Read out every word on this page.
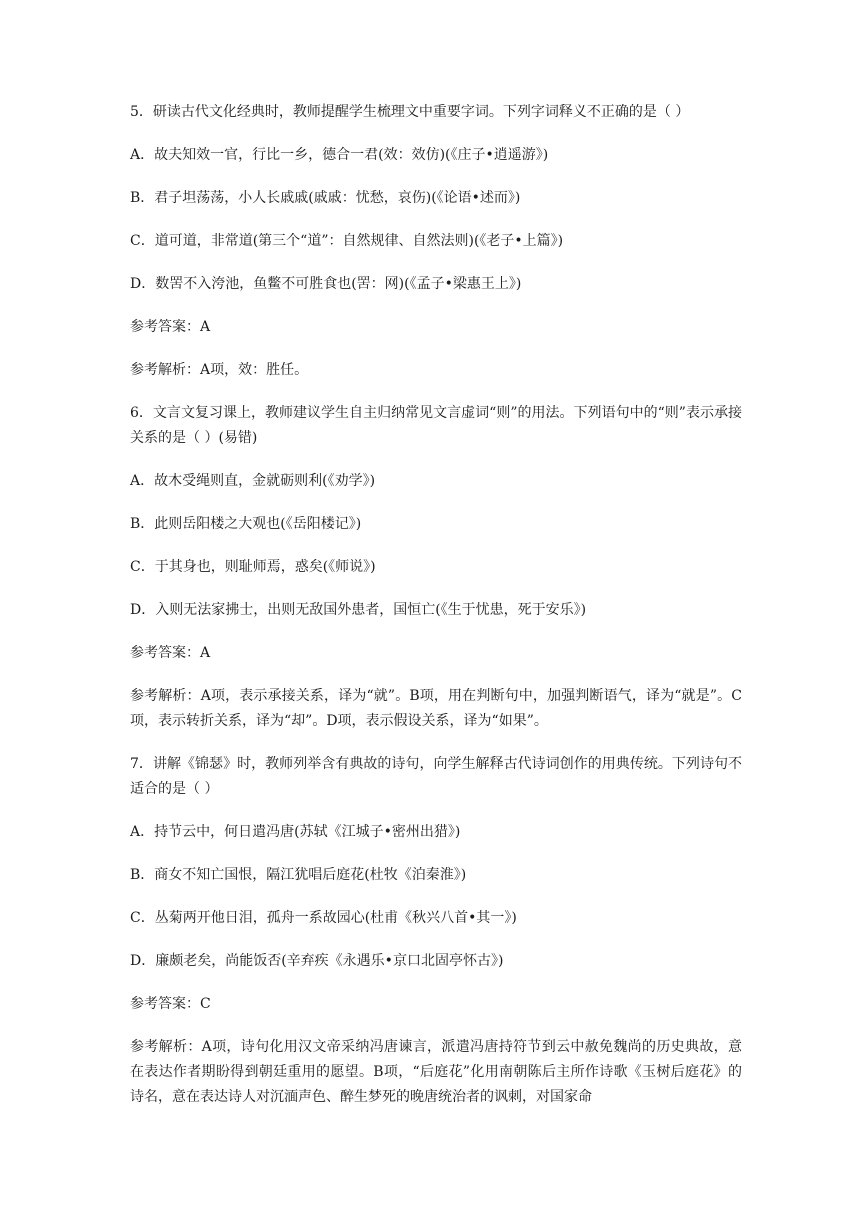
5．研读古代文化经典时，教师提醒学生梳理文中重要字词。下列字词释义不正确的是（ ）

A．故夫知效一官，行比一乡，德合一君(效：效仿)(《庄子•逍遥游》)

B．君子坦荡荡，小人长戚戚(戚戚：忧愁，哀伤)(《论语•述而》)

C．道可道，非常道(第三个“道”：自然规律、自然法则)(《老子•上篇》)

D．数罟不入洿池，鱼鳖不可胜食也(罟：网)(《孟子•梁惠王上》)

参考答案：A

参考解析：A项，效：胜任。

6．文言文复习课上，教师建议学生自主归纳常见文言虚词“则”的用法。下列语句中的“则”表示承接关系的是（ ）(易错)

A．故木受绳则直，金就砺则利(《劝学》)

B．此则岳阳楼之大观也(《岳阳楼记》)

C．于其身也，则耻师焉，惑矣(《师说》)

D．入则无法家拂士，出则无敌国外患者，国恒亡(《生于忧患，死于安乐》)

参考答案：A

参考解析：A项，表示承接关系，译为“就”。B项，用在判断句中，加强判断语气，译为“就是”。C项，表示转折关系，译为“却”。D项，表示假设关系，译为“如果”。

7．讲解《锦瑟》时，教师列举含有典故的诗句，向学生解释古代诗词创作的用典传统。下列诗句不适合的是（ ）

A．持节云中，何日遣冯唐(苏轼《江城子•密州出猎》)

B．商女不知亡国恨，隔江犹唱后庭花(杜牧《泊秦淮》)

C．丛菊两开他日泪，孤舟一系故园心(杜甫《秋兴八首•其一》)

D．廉颇老矣，尚能饭否(辛弃疾《永遇乐•京口北固亭怀古》)

参考答案：C

参考解析：A项，诗句化用汉文帝采纳冯唐谏言，派遣冯唐持符节到云中赦免魏尚的历史典故，意在表达作者期盼得到朝廷重用的愿望。B项，“后庭花”化用南朝陈后主所作诗歌《玉树后庭花》的诗名，意在表达诗人对沉湎声色、醉生梦死的晚唐统治者的讽刺，对国家命
